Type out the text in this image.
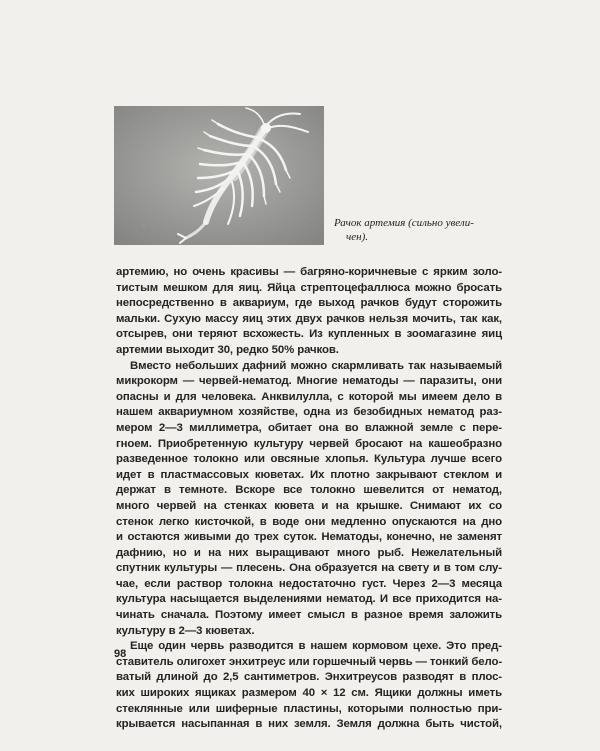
Рачок артемия (сильно увели-
чен).

артемию, но очень красивы — багряно-коричневые с ярким золо-
тистым мешком для яиц. Яйца стрептоцефаллюса можно бросать
непосредственно в аквариум, где выход рачков будут сторожить
мальки. Сухую массу яиц этих двух рачков нельзя мочить, так как,
отсырев, они теряют всхожесть. Из купленных в зоомагазине яиц
артемии выходит 30, редко 50% рачков.

Вместо небольших дафний можно скармливать так называемый
микрокорм — червей-нематод. Многие нематоды — паразиты, они
опасны и для человека. Анквилулла, с которой мы имеем дело в
нашем аквариумном хозяйстве, одна из безобидных нематод раз-
мером 2—3 миллиметра, обитает она во влажной земле с пере-
гноем. Приобретенную культуру червей бросают на кашеобразно
разведенное толокно или овсяные хлопья. Культура лучше всего
идет в пластмассовых кюветах. Их плотно закрывают стеклом и
держат в темноте. Вскоре все толокно шевелится от нематод,
много червей на стенках кювета и на крышке. Снимают их со
стенок легко кисточкой, в воде они медленно опускаются на дно
и остаются живыми до трех суток. Нематоды, конечно, не заменят
дафнию, но и на них выращивают много рыб. Нежелательный
спутник культуры — плесень. Она образуется на свету и в том слу-
чае, если раствор толокна недостаточно густ. Через 2—3 месяца
культура насыщается выделениями нематод. И все приходится на-
чинать сначала. Поэтому имеет смысл в разное время заложить
культуру в 2—3 кюветах.

Еще один червь разводится в нашем кормовом цехе. Это пред-
ставитель олигохет энхитреус или горшечный червь — тонкий бело-
ватый длиной до 2,5 сантиметров. Энхитреусов разводят в плос-
ких широких ящиках размером 40 × 12 см. Ящики должны иметь
стеклянные или шиферные пластины, которыми полностью при-
крывается насыпанная в них земля. Земля должна быть чистой,

98
